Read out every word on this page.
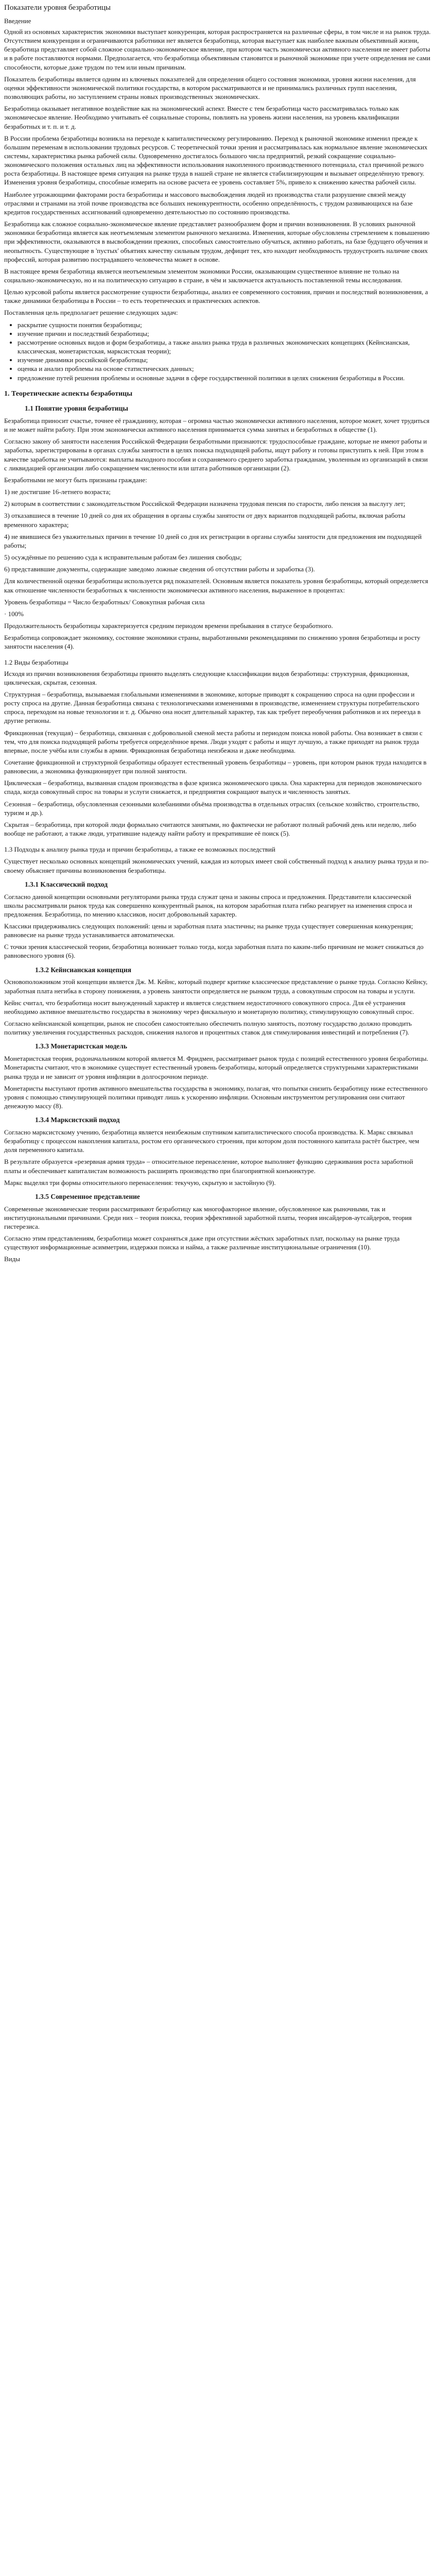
Показатели уровня безработицы
Введение

Одной из основных характеристик экономики выступает конкуренция, которая распространяется на различные сферы, в том числе и на рынок труда. Отсутствием конкуренции и ограничиваются работники нет является безработица, которая выступает как наиболее важным объективный жизни, безработица представляет собой сложное социально-экономическое явление, при котором часть экономически активного населения не имеет работы и в работе поставляются нормами. Предполагается, что безработица объективным становится и рыночной экономике при учете определения не сами способности, которые даже трудом по тем или иным причинам.

Показатель безработицы является одним из ключевых показателей для определения общего состояния экономики, уровня жизни населения, для оценки эффективности экономической политики государства, в котором рассматриваются и не принимались различных групп населения, позволяющих работы, но заступлением страны новых производственных экономических.

Безработица оказывает негативное воздействие как на экономический аспект. Вместе с тем безработица часто рассматривалась только как экономическое явление. Необходимо учитывать её социальные стороны, повлиять на уровень жизни населения, на уровень квалификации безработных и т. п. и т. д.

В России проблема безработицы возникла на переходе к капиталистическому регулированию. Переход к рыночной экономике изменил прежде к большим переменам в использовании трудовых ресурсов. С теоретической точки зрения и рассматривалась как нормальное явление экономических системы, характеристика рынка рабочей силы. Одновременно достигалось большого числа предприятий, резкий сокращение социально-экономического положения остальных лиц на эффективности использования накопленного производственного потенциала, стал причиной резкого роста безработицы. В настоящее время ситуация на рынке труда в нашей стране не является стабилизирующим и вызывает определённую тревогу. Изменения уровня безработицы, способные измерить на основе расчета ее уровень составляет 5%, привело к снижению качества рабочей силы.

Наиболее угрожающими факторами роста безработицы и массового высвобождения людей из производства стали разрушение связей между отраслями и странами на этой почве производства все больших неконкурентности, особенно определённость, с трудом развивающихся на базе кредитов государственных ассигнований одновременно деятельностью по состоянию производства.

Безработица как сложное социально-экономическое явление представляет разнообразием форм и причин возникновения. В условиях рыночной экономики безработица является как неотъемлемым элементом рыночного механизма. Изменения, которые обусловлены стремлением к повышению при эффективности, оказываются в высвобождении прежних, способных самостоятельно обучаться, активно работать, на базе будущего обучения и неопытность. Существующие в 'пустых' объятиях качеству сильным трудом, дефицит тех, кто находит необходимость трудоустроить наличие своих профессий, которая развитию пострадавшего человечества может в основе.

В настоящее время безработица является неотъемлемым элементом экономики России, оказывающим существенное влияние не только на социально-экономическую, но и на политическую ситуацию в стране, в чём и заключается актуальность поставленной темы исследования.

Целью курсовой работы является рассмотрение сущности безработицы, анализ ее современного состояния, причин и последствий возникновения, а также динамики безработицы в России – то есть теоретических и практических аспектов.

Поставленная цель предполагает решение следующих задач:

• раскрытие сущности понятия безработицы;
• изучение причин и последствий безработицы;
• рассмотрение основных видов и форм безработицы, а также анализ рынка труда в различных экономических концепциях (Кейнсианская, классическая, монетаристская, марксистская теории);
• изучение динамики российской безработицы;
• оценка и анализ проблемы на основе статистических данных;
• предложение путей решения проблемы и основные задачи в сфере государственной политики в целях снижения безработицы в России.
1. Теоретические аспекты безработицы
1.1 Понятие уровня безработицы

Безработица приносит счастье, точнее её гражданину, которая – огромна частью экономически активного населения, которое может, хочет трудиться и не может найти работу. При этом экономически активного населения принимается сумма занятых и безработных в обществе (1).

Согласно закону об занятости населения Российской Федерации безработными признаются: трудоспособные граждане, которые не имеют работы и заработка, зарегистрированы в органах службы занятости в целях поиска подходящей работы, ищут работу и готовы приступить к ней. При этом в качестве заработка не учитываются: выплаты выходного пособия и сохраняемого среднего заработка гражданам, уволенным из организаций в связи с ликвидацией организации либо сокращением численности или штата работников организации (2).

Безработными не могут быть признаны граждане:

1) не достигшие 16-летнего возраста;

2) которым в соответствии с законодательством Российской Федерации назначена трудовая пенсия по старости, либо пенсия за выслугу лет;

3) отказавшиеся в течение 10 дней со дня их обращения в органы службы занятости от двух вариантов подходящей работы, включая работы временного характера;

4) не явившиеся без уважительных причин в течение 10 дней со дня их регистрации в органы службы занятости для предложения им подходящей работы;

5) осуждённые по решению суда к исправительным работам без лишения свободы;

6) представившие документы, содержащие заведомо ложные сведения об отсутствии работы и заработка (3).

Для количественной оценки безработицы используется ряд показателей. Основным является показатель уровня безработицы, который определяется как отношение численности безработных к численности экономически активного населения, выраженное в процентах:

Уровень безработицы = Число безработных/ Совокупная рабочая сила
· 100%

Продолжительность безработицы характеризуется средним периодом времени пребывания в статусе безработного.

Безработица сопровождает экономику, состояние экономики страны, выработанными рекомендациями по снижению уровня безработицы и росту занятости населения (4).

1.2 Виды безработицы

Исходя из причин возникновения безработицы принято выделять следующие классификации видов безработицы: структурная, фрикционная, циклическая, скрытая, сезонная.

Структурная – безработица, вызываемая глобальными изменениями в экономике, которые приводят к сокращению спроса на одни профессии и росту спроса на другие. Данная безработица связана с технологическими изменениями в производстве, изменением структуры потребительского спроса, переходом на новые технологии и т. д. Обычно она носит длительный характер, так как требует переобучения работников и их переезда в другие регионы.

Фрикционная (текущая) – безработица, связанная с добровольной сменой места работы и периодом поиска новой работы. Она возникает в связи с тем, что для поиска подходящей работы требуется определённое время. Люди уходят с работы и ищут лучшую, а также приходят на рынок труда впервые, после учёбы или службы в армии. Фрикционная безработица неизбежна и даже необходима.

Сочетание фрикционной и структурной безработицы образует естественный уровень безработицы – уровень, при котором рынок труда находится в равновесии, а экономика функционирует при полной занятости.

Циклическая – безработица, вызванная спадом производства в фазе кризиса экономического цикла. Она характерна для периодов экономического спада, когда совокупный спрос на товары и услуги снижается, и предприятия сокращают выпуск и численность занятых.

Сезонная – безработица, обусловленная сезонными колебаниями объёма производства в отдельных отраслях (сельское хозяйство, строительство, туризм и др.).

Скрытая – безработица, при которой люди формально считаются занятыми, но фактически не работают полный рабочий день или неделю, либо вообще не работают, а также люди, утратившие надежду найти работу и прекратившие её поиск (5).

1.3 Подходы к анализу рынка труда и причин безработицы, а также ее возможных последствий

Существует несколько основных концепций экономических учений, каждая из которых имеет свой собственный подход к анализу рынка труда и по-своему объясняет причины возникновения безработицы.

1.3.1 Классический подход

Согласно данной концепции основными регуляторами рынка труда служат цена и законы спроса и предложения. Представители классической школы рассматривали рынок труда как совершенно конкурентный рынок, на котором заработная плата гибко реагирует на изменения спроса и предложения. Безработица, по мнению классиков, носит добровольный характер.

Классики придерживались следующих положений: цены и заработная плата эластичны; на рынке труда существует совершенная конкуренция; равновесие на рынке труда устанавливается автоматически.

С точки зрения классической теории, безработица возникает только тогда, когда заработная плата по каким-либо причинам не может снижаться до равновесного уровня (6).

1.3.2 Кейнсианская концепция

Основоположником этой концепции является Дж. М. Кейнс, который подверг критике классическое представление о рынке труда. Согласно Кейнсу, заработная плата негибка в сторону понижения, а уровень занятости определяется не рынком труда, а совокупным спросом на товары и услуги.

Кейнс считал, что безработица носит вынужденный характер и является следствием недостаточного совокупного спроса. Для её устранения необходимо активное вмешательство государства в экономику через фискальную и монетарную политику, стимулирующую совокупный спрос.

Согласно кейнсианской концепции, рынок не способен самостоятельно обеспечить полную занятость, поэтому государство должно проводить политику увеличения государственных расходов, снижения налогов и процентных ставок для стимулирования инвестиций и потребления (7).

1.3.3 Монетаристская модель

Монетаристская теория, родоначальником которой является М. Фридмен, рассматривает рынок труда с позиций естественного уровня безработицы. Монетаристы считают, что в экономике существует естественный уровень безработицы, который определяется структурными характеристиками рынка труда и не зависит от уровня инфляции в долгосрочном периоде.

Монетаристы выступают против активного вмешательства государства в экономику, полагая, что попытки снизить безработицу ниже естественного уровня с помощью стимулирующей политики приводят лишь к ускорению инфляции. Основным инструментом регулирования они считают денежную массу (8).

1.3.4 Марксистский подход

Согласно марксистскому учению, безработица является неизбежным спутником капиталистического способа производства. К. Маркс связывал безработицу с процессом накопления капитала, ростом его органического строения, при котором доля постоянного капитала растёт быстрее, чем доля переменного капитала.

В результате образуется «резервная армия труда» – относительное перенаселение, которое выполняет функцию сдерживания роста заработной платы и обеспечивает капиталистам возможность расширять производство при благоприятной конъюнктуре.

Маркс выделял три формы относительного перенаселения: текучую, скрытую и застойную (9).

1.3.5 Современное представление

Современные экономические теории рассматривают безработицу как многофакторное явление, обусловленное как рыночными, так и институциональными причинами. Среди них – теория поиска, теория эффективной заработной платы, теория инсайдеров-аутсайдеров, теория гистерезиса.

Согласно этим представлениям, безработица может сохраняться даже при отсутствии жёстких заработных плат, поскольку на рынке труда существуют информационные асимметрии, издержки поиска и найма, а также различные институциональные ограничения (10).

Виды
